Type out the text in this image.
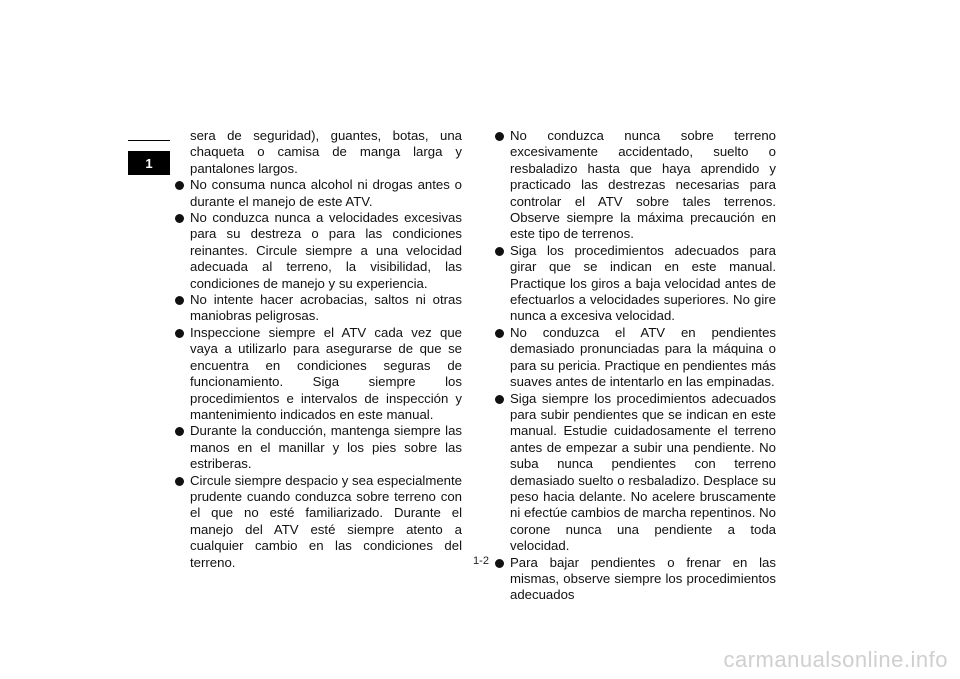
1
sera de seguridad), guantes, botas, una chaqueta o camisa de manga larga y pantalones largos.
No consuma nunca alcohol ni drogas antes o durante el manejo de este ATV.
No conduzca nunca a velocidades excesivas para su destreza o para las condiciones reinantes. Circule siempre a una velocidad adecuada al terreno, la visibilidad, las condiciones de manejo y su experiencia.
No intente hacer acrobacias, saltos ni otras maniobras peligrosas.
Inspeccione siempre el ATV cada vez que vaya a utilizarlo para asegurarse de que se encuentra en condiciones seguras de funcionamiento. Siga siempre los procedimientos e intervalos de inspección y mantenimiento indicados en este manual.
Durante la conducción, mantenga siempre las manos en el manillar y los pies sobre las estriberas.
Circule siempre despacio y sea especialmente prudente cuando conduzca sobre terreno con el que no esté familiarizado. Durante el manejo del ATV esté siempre atento a cualquier cambio en las condiciones del terreno.
No conduzca nunca sobre terreno excesivamente accidentado, suelto o resbaladizo hasta que haya aprendido y practicado las destrezas necesarias para controlar el ATV sobre tales terrenos. Observe siempre la máxima precaución en este tipo de terrenos.
Siga los procedimientos adecuados para girar que se indican en este manual. Practique los giros a baja velocidad antes de efectuarlos a velocidades superiores. No gire nunca a excesiva velocidad.
No conduzca el ATV en pendientes demasiado pronunciadas para la máquina o para su pericia. Practique en pendientes más suaves antes de intentarlo en las empinadas.
Siga siempre los procedimientos adecuados para subir pendientes que se indican en este manual. Estudie cuidadosamente el terreno antes de empezar a subir una pendiente. No suba nunca pendientes con terreno demasiado suelto o resbaladizo. Desplace su peso hacia delante. No acelere bruscamente ni efectúe cambios de marcha repentinos. No corone nunca una pendiente a toda velocidad.
Para bajar pendientes o frenar en las mismas, observe siempre los procedimientos adecuados
1-2
carmanualsonline.info
